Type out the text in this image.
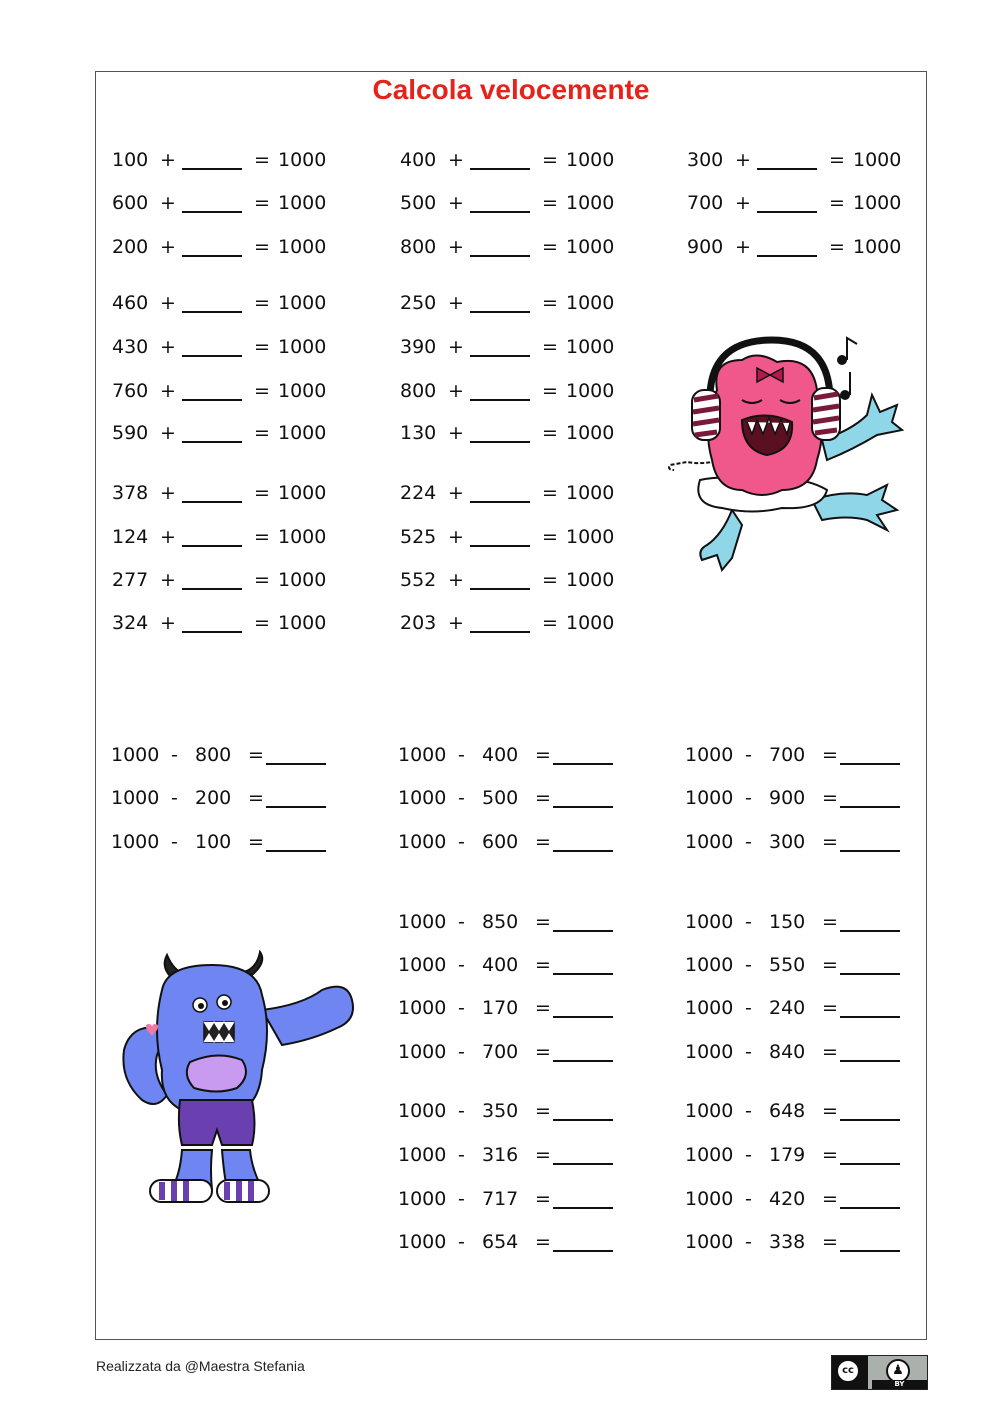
Calcola velocemente
100 +	= 1000
600 +	= 1000
200 +	= 1000
460 +	= 1000
430 +	= 1000
760 +	= 1000
590 +	= 1000
378 +	= 1000
124 +	= 1000
277 +	= 1000
324 +	= 1000
400 +	= 1000
500 +	= 1000
800 +	= 1000
250 +	= 1000
390 +	= 1000
800 +	= 1000
130 +	= 1000
224 +	= 1000
525 +	= 1000
552 +	= 1000
203 +	= 1000
300 +	= 1000
700 +	= 1000
900 +	= 1000
1000 - 800 =
1000 - 200 =
1000 - 100 =
1000 - 400 =
1000 - 500 =
1000 - 600 =
1000 - 850 =
1000 - 400 =
1000 - 170 =
1000 - 700 =
1000 - 350 =
1000 - 316 =
1000 - 717 =
1000 - 654 =
1000 - 700 =
1000 - 900 =
1000 - 300 =
1000 - 150 =
1000 - 550 =
1000 - 240 =
1000 - 840 =
1000 - 648 =
1000 - 179 =
1000 - 420 =
1000 - 338 =
Realizzata da @Maestra Stefania	cc	♟
BY
